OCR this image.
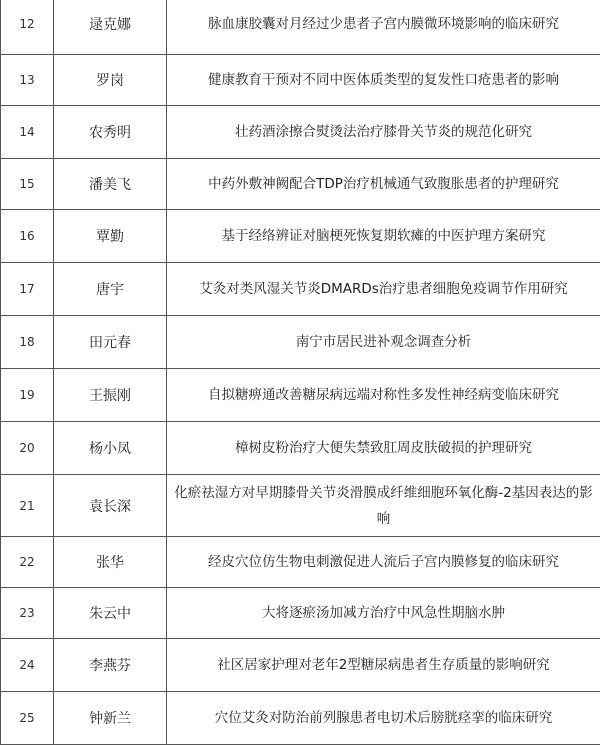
12	逯克娜	脉血康胶囊对月经过少患者子宫内膜微环境影响的临床研究
13	罗岗	健康教育干预对不同中医体质类型的复发性口疮患者的影响
14	农秀明	壮药酒涂擦合熨烫法治疗膝骨关节炎的规范化研究
15	潘美飞	中药外敷神阙配合TDP治疗机械通气致腹胀患者的护理研究
16	覃勤	基于经络辨证对脑梗死恢复期软瘫的中医护理方案研究
17	唐宇	艾灸对类风湿关节炎DMARDs治疗患者细胞免疫调节作用研究
18	田元春	南宁市居民进补观念调查分析
19	王振刚	自拟糖痹通改善糖尿病远端对称性多发性神经病变临床研究
20	杨小凤	樟树皮粉治疗大便失禁致肛周皮肤破损的护理研究
21	袁长深	化瘀祛湿方对早期膝骨关节炎滑膜成纤维细胞环氧化酶-2基因表达的影响
22	张华	经皮穴位仿生物电刺激促进人流后子宫内膜修复的临床研究
23	朱云中	大将逐瘀汤加减方治疗中风急性期脑水肿
24	李燕芬	社区居家护理对老年2型糖尿病患者生存质量的影响研究
25	钟新兰	穴位艾灸对防治前列腺患者电切术后膀胱痉挛的临床研究
